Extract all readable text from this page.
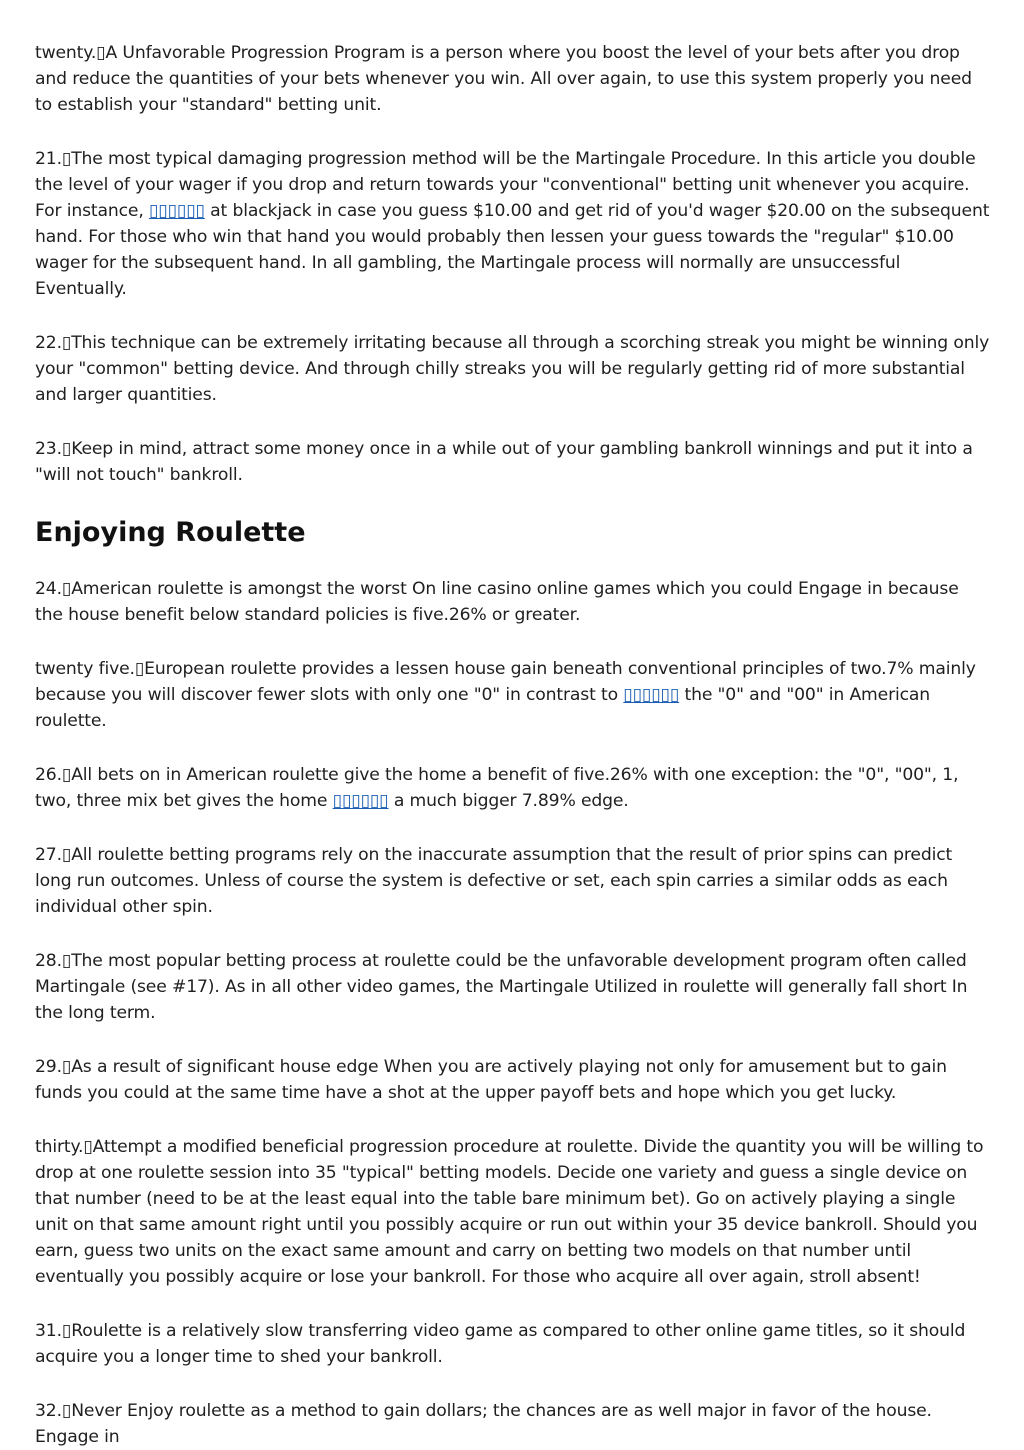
twenty.▯A Unfavorable Progression Program is a person where you boost the level of your bets after you drop and reduce the quantities of your bets whenever you win. All over again, to use this system properly you need to establish your "standard" betting unit.

21.▯The most typical damaging progression method will be the Martingale Procedure. In this article you double the level of your wager if you drop and return towards your "conventional" betting unit whenever you acquire. For instance, ▯▯▯▯▯▯ at blackjack in case you guess $10.00 and get rid of you'd wager $20.00 on the subsequent hand. For those who win that hand you would probably then lessen your guess towards the "regular" $10.00 wager for the subsequent hand. In all gambling, the Martingale process will normally are unsuccessful Eventually.

22.▯This technique can be extremely irritating because all through a scorching streak you might be winning only your "common" betting device. And through chilly streaks you will be regularly getting rid of more substantial and larger quantities.

23.▯Keep in mind, attract some money once in a while out of your gambling bankroll winnings and put it into a "will not touch" bankroll.

Enjoying Roulette

24.▯American roulette is amongst the worst On line casino online games which you could Engage in because the house benefit below standard policies is five.26% or greater.

twenty five.▯European roulette provides a lessen house gain beneath conventional principles of two.7% mainly because you will discover fewer slots with only one "0" in contrast to ▯▯▯▯▯▯ the "0" and "00" in American roulette.

26.▯All bets on in American roulette give the home a benefit of five.26% with one exception: the "0", "00", 1, two, three mix bet gives the home ▯▯▯▯▯▯ a much bigger 7.89% edge.

27.▯All roulette betting programs rely on the inaccurate assumption that the result of prior spins can predict long run outcomes. Unless of course the system is defective or set, each spin carries a similar odds as each individual other spin.

28.▯The most popular betting process at roulette could be the unfavorable development program often called Martingale (see #17). As in all other video games, the Martingale Utilized in roulette will generally fall short In the long term.

29.▯As a result of significant house edge When you are actively playing not only for amusement but to gain funds you could at the same time have a shot at the upper payoff bets and hope which you get lucky.

thirty.▯Attempt a modified beneficial progression procedure at roulette. Divide the quantity you will be willing to drop at one roulette session into 35 "typical" betting models. Decide one variety and guess a single device on that number (need to be at the least equal into the table bare minimum bet). Go on actively playing a single unit on that same amount right until you possibly acquire or run out within your 35 device bankroll. Should you earn, guess two units on the exact same amount and carry on betting two models on that number until eventually you possibly acquire or lose your bankroll. For those who acquire all over again, stroll absent!

31.▯Roulette is a relatively slow transferring video game as compared to other online game titles, so it should acquire you a longer time to shed your bankroll.

32.▯Never Enjoy roulette as a method to gain dollars; the chances are as well major in favor of the house. Engage in
